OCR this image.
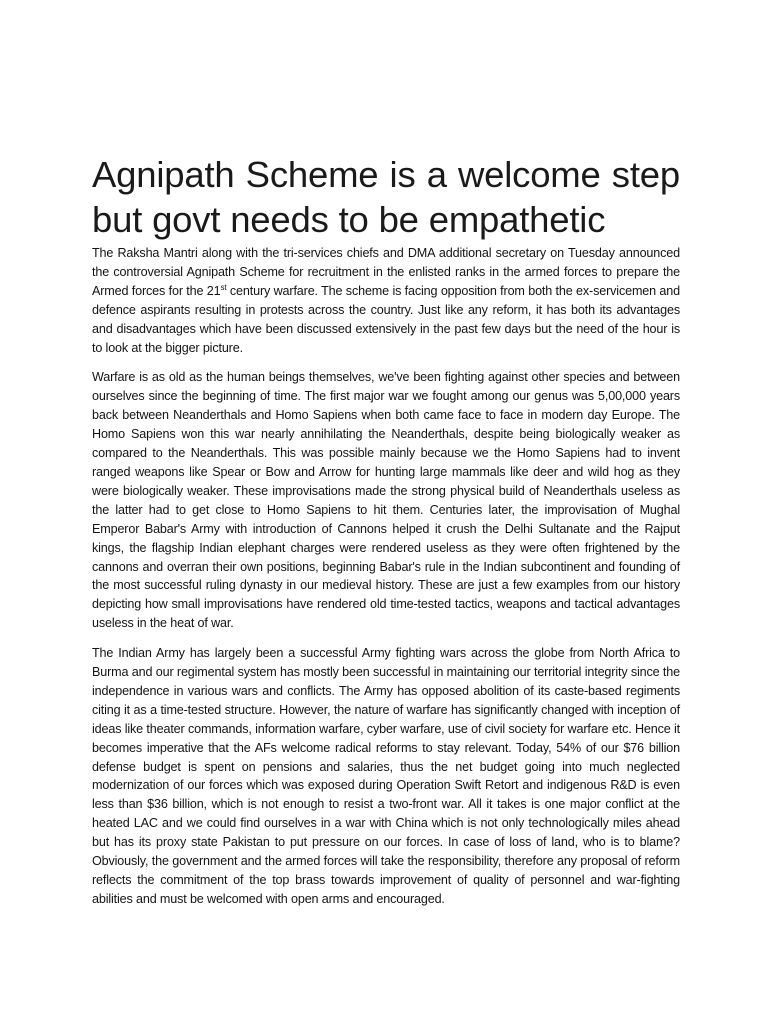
Agnipath Scheme is a welcome step but govt needs to be empathetic

The Raksha Mantri along with the tri-services chiefs and DMA additional secretary on Tuesday announced the controversial Agnipath Scheme for recruitment in the enlisted ranks in the armed forces to prepare the Armed forces for the 21st century warfare. The scheme is facing opposition from both the ex-servicemen and defence aspirants resulting in protests across the country. Just like any reform, it has both its advantages and disadvantages which have been discussed extensively in the past few days but the need of the hour is to look at the bigger picture.

Warfare is as old as the human beings themselves, we've been fighting against other species and between ourselves since the beginning of time. The first major war we fought among our genus was 5,00,000 years back between Neanderthals and Homo Sapiens when both came face to face in modern day Europe. The Homo Sapiens won this war nearly annihilating the Neanderthals, despite being biologically weaker as compared to the Neanderthals. This was possible mainly because we the Homo Sapiens had to invent ranged weapons like Spear or Bow and Arrow for hunting large mammals like deer and wild hog as they were biologically weaker. These improvisations made the strong physical build of Neanderthals useless as the latter had to get close to Homo Sapiens to hit them. Centuries later, the improvisation of Mughal Emperor Babar's Army with introduction of Cannons helped it crush the Delhi Sultanate and the Rajput kings, the flagship Indian elephant charges were rendered useless as they were often frightened by the cannons and overran their own positions, beginning Babar's rule in the Indian subcontinent and founding of the most successful ruling dynasty in our medieval history. These are just a few examples from our history depicting how small improvisations have rendered old time-tested tactics, weapons and tactical advantages useless in the heat of war.

The Indian Army has largely been a successful Army fighting wars across the globe from North Africa to Burma and our regimental system has mostly been successful in maintaining our territorial integrity since the independence in various wars and conflicts. The Army has opposed abolition of its caste-based regiments citing it as a time-tested structure. However, the nature of warfare has significantly changed with inception of ideas like theater commands, information warfare, cyber warfare, use of civil society for warfare etc. Hence it becomes imperative that the AFs welcome radical reforms to stay relevant. Today, 54% of our $76 billion defense budget is spent on pensions and salaries, thus the net budget going into much neglected modernization of our forces which was exposed during Operation Swift Retort and indigenous R&D is even less than $36 billion, which is not enough to resist a two-front war. All it takes is one major conflict at the heated LAC and we could find ourselves in a war with China which is not only technologically miles ahead but has its proxy state Pakistan to put pressure on our forces. In case of loss of land, who is to blame? Obviously, the government and the armed forces will take the responsibility, therefore any proposal of reform reflects the commitment of the top brass towards improvement of quality of personnel and war-fighting abilities and must be welcomed with open arms and encouraged.
